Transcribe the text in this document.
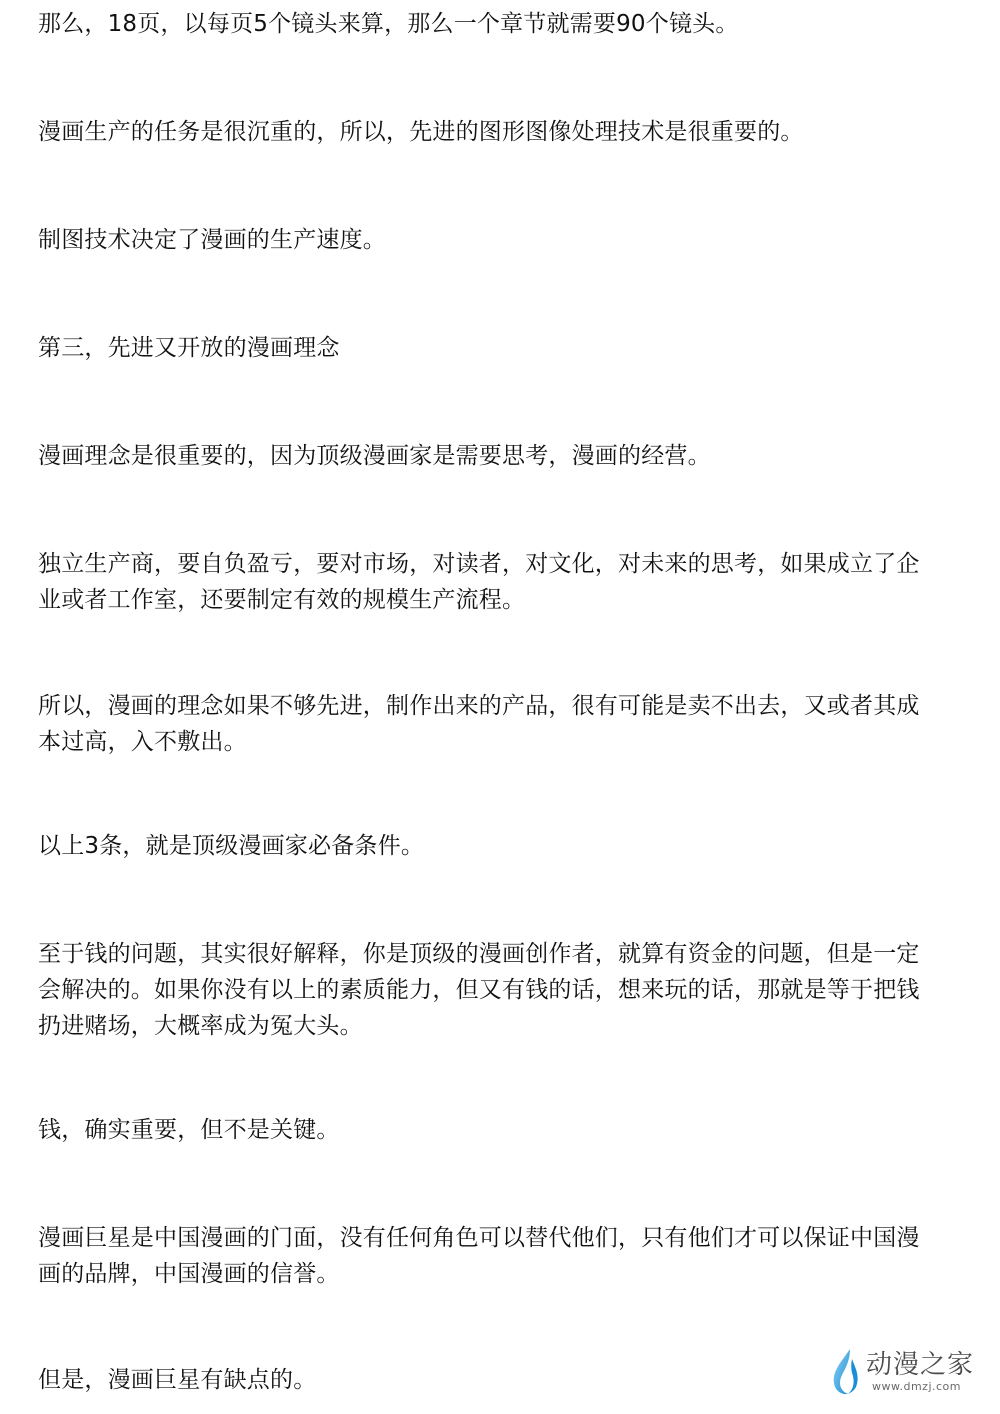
那么，18页，以每页5个镜头来算，那么一个章节就需要90个镜头。

漫画生产的任务是很沉重的，所以，先进的图形图像处理技术是很重要的。

制图技术决定了漫画的生产速度。

第三，先进又开放的漫画理念

漫画理念是很重要的，因为顶级漫画家是需要思考，漫画的经营。

独立生产商，要自负盈亏，要对市场，对读者，对文化，对未来的思考，如果成立了企业或者工作室，还要制定有效的规模生产流程。

所以，漫画的理念如果不够先进，制作出来的产品，很有可能是卖不出去，又或者其成本过高，入不敷出。

以上3条，就是顶级漫画家必备条件。

至于钱的问题，其实很好解释，你是顶级的漫画创作者，就算有资金的问题，但是一定会解决的。如果你没有以上的素质能力，但又有钱的话，想来玩的话，那就是等于把钱扔进赌场，大概率成为冤大头。

钱，确实重要，但不是关键。

漫画巨星是中国漫画的门面，没有任何角色可以替代他们，只有他们才可以保证中国漫画的品牌，中国漫画的信誉。

但是，漫画巨星有缺点的。	动漫之家
www.dmzj.com
